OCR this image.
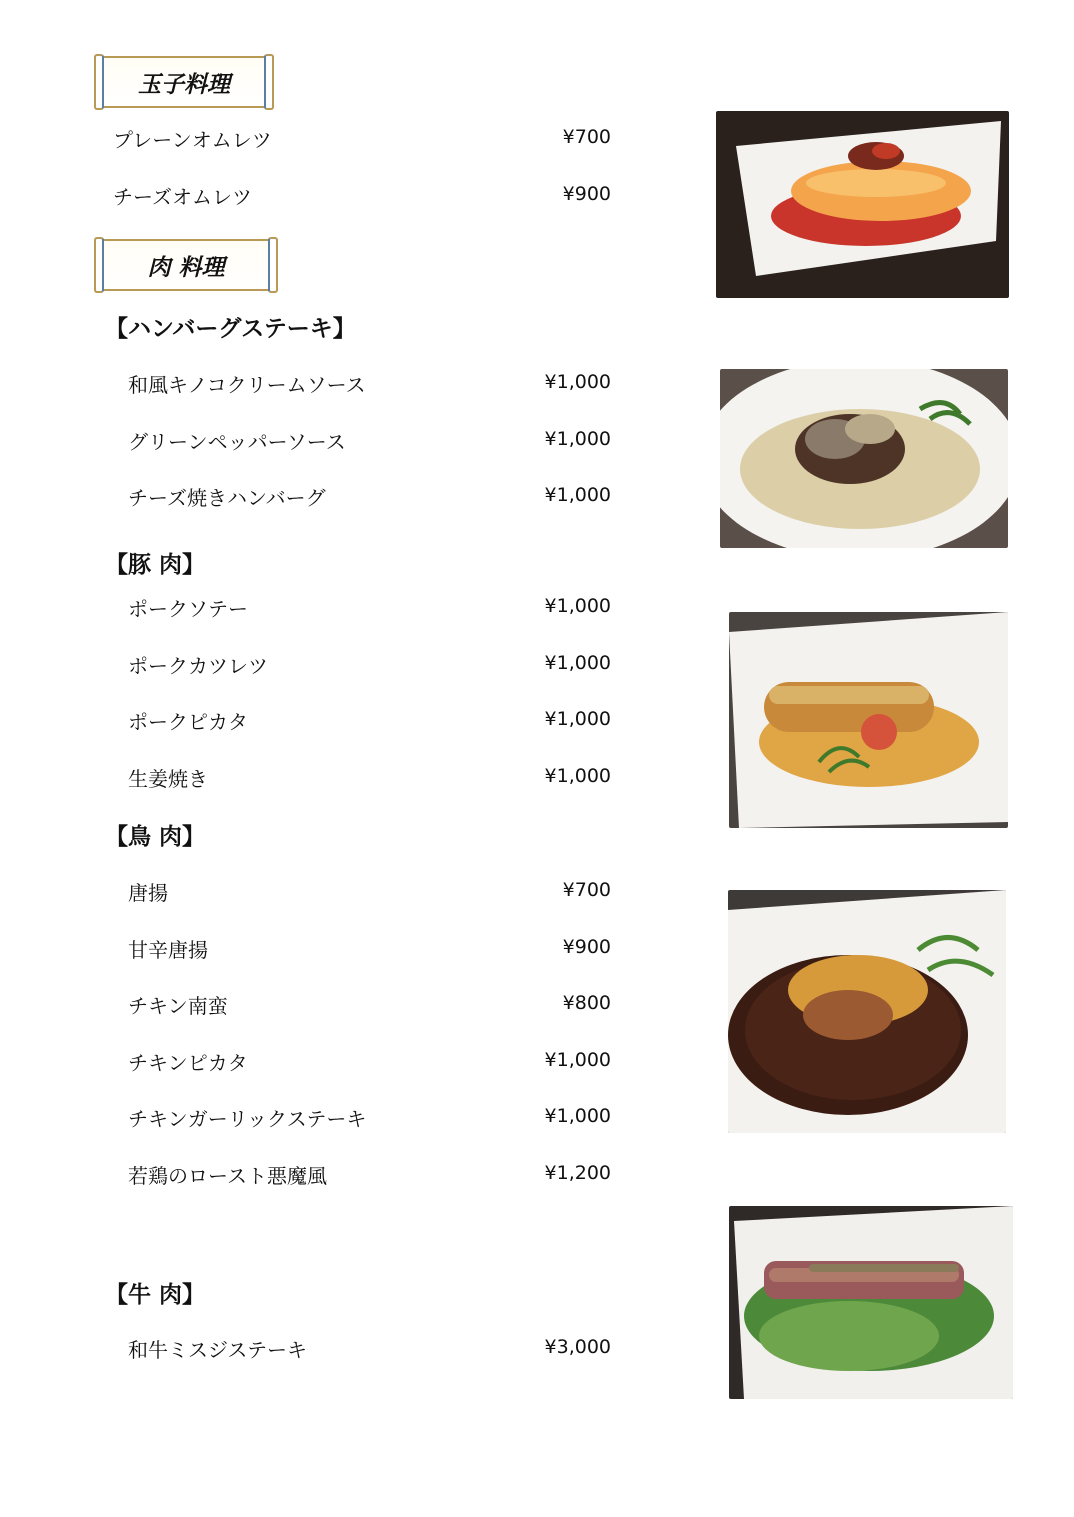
玉子料理
プレーンオムレツ	¥700
チーズオムレツ	¥900
肉 料理
【ハンバーグステーキ】
和風キノコクリームソース	¥1,000
グリーンペッパーソース	¥1,000
チーズ焼きハンバーグ	¥1,000
【豚 肉】
ポークソテー	¥1,000
ポークカツレツ	¥1,000
ポークピカタ	¥1,000
生姜焼き	¥1,000
【鳥 肉】
唐揚	¥700
甘辛唐揚	¥900
チキン南蛮	¥800
チキンピカタ	¥1,000
チキンガーリックステーキ	¥1,000
若鶏のロースト悪魔風	¥1,200
【牛 肉】
和牛ミスジステーキ	¥3,000
